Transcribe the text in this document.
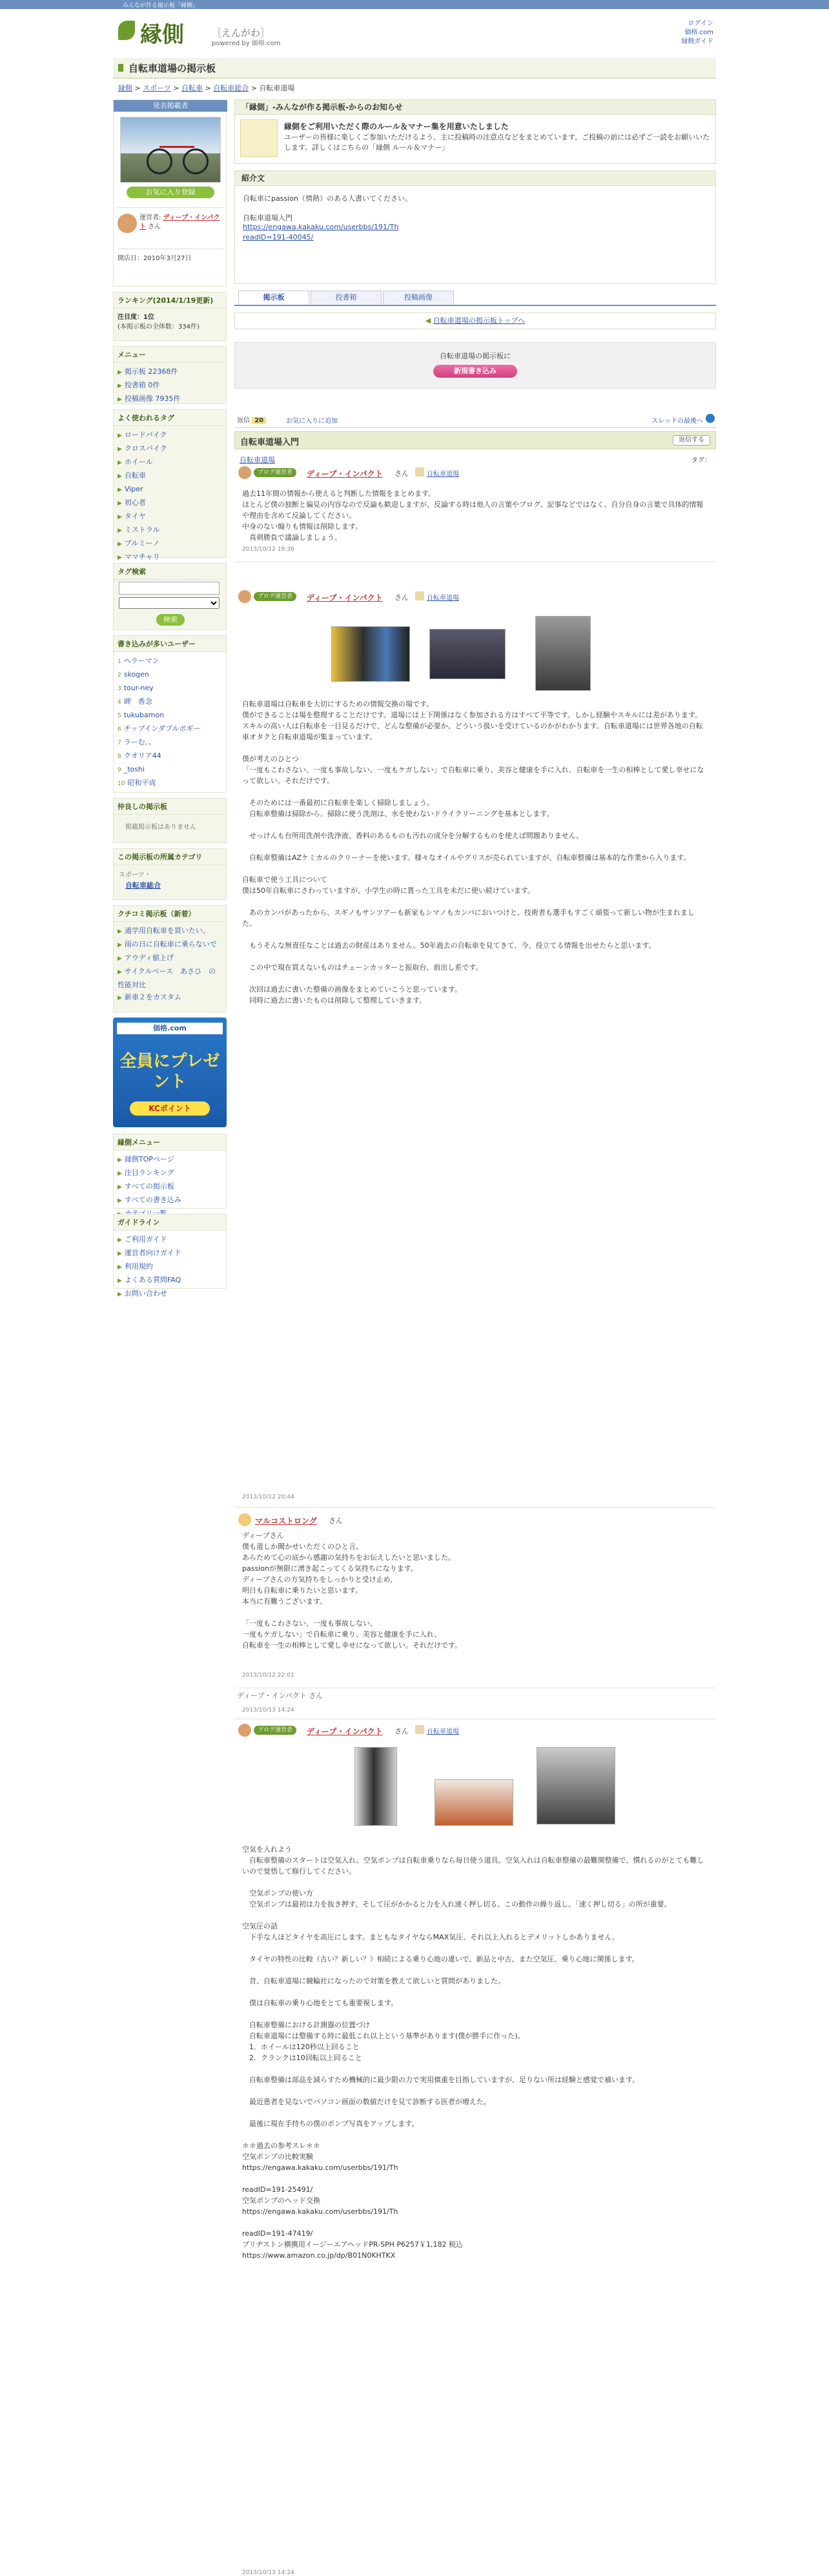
みんなが作る掲示板「縁側」
縁側	［えんがわ］
powered by 価格.com
ログイン
価格.com
縁側ガイド
自転車道場の掲示板
縁側 > スポーツ > 自転車 > 自転車総合 > 自転車道場
発表掲載者
お気に入り登録
運営者: ディープ・インパクト さん
開店日：2010年3月27日
ランキング(2014/1/19更新)
注目度：1位
(本掲示板の全体数：334件)
メニュー
▶ 掲示板 22368件
▶ 投書箱 0件
▶ 投稿画像 7935件
よく使われるタグ
▶ ロードバイク
▶ クロスバイク
▶ ホイール
▶ 自転車
▶ Viper
▶ 初心者
▶ タイヤ
▶ ミストラル
▶ ブルミーノ
▶ ママチャリ
タグ検索
検索
書き込みが多いユーザー
1 ヘラーマン
2 skogen
3 tour-ney
4 碑　香念
5 tukubamon
6 チップインダブルボギー
7 ラーむ。。
8 クオリア44
9 _toshi
10 昭和平成
仲良しの掲示板
掲載掲示板はありません
この掲示板の所属カテゴリ
スポーツ・
自転車総合
クチコミ掲示板（新着）
▶ 通学用自転車を買いたい。
▶ 雨の日に自転車に乗らないで
▶ アウディ値上げ
▶ サイクルベース　あさひ　の性能対比
▶ 新車２をカスタム
価格.com
全員にプレゼント
KCポイント
縁側メニュー
▶ 縁側TOPページ
▶ 注目ランキング
▶ すべての掲示板
▶ すべての書き込み
ガイドライン
▶ ご利用ガイド
▶ 運営者向けガイド
▶ 利用規約
▶ よくある質問FAQ
▶ お問い合わせ
「縁側」-みんなが作る掲示板-からのお知らせ
縁側をご利用いただく際のルール＆マナー集を用意いたしました
ユーザーの皆様に楽しくご参加いただけるよう、主に投稿時の注意点などをまとめています。ご投稿の前には必ずご一読をお願いいたします。詳しくはこちらの「縁側 ルール＆マナー」
紹介文
自転車にpassion（情熱）のある人書いてください。
自転車道場入門
https://engawa.kakaku.com/userbbs/191/Th
readID=191-40045/
掲示板	投書箱	投稿画像
◀ 自転車道場の掲示板トップへ
自転車道場の掲示板に
新規書き込み
返信 20	お気に入りに追加	スレッドの最後へ
自転車道場入門	返信する
自転車道場	タグ：
ブログ運営者	ディープ・インパクト さん	自転車道場
過去11年間の情報から使えると判断した情報をまとめます。
ほとんど僕の独断と偏見の内容なので反論も歓迎しますが、反論する時は他人の言葉やブログ、記事などではなく、自分自身の言葉で具体的情報や理由を含めて反論してください。
中身のない煽りも情報は削除します。
　真剣勝負で議論しましょう。
2013/10/12 19:36
ブログ運営者	ディープ・インパクト さん	自転車道場
自転車道場は自転車を大切にするための情報交換の場です。
僕ができることは場を整理することだけです。道場には上下関係はなく参加される方はすべて平等です。しかし経験やスキルには差があります。スキルの高い人は自転車を一目見るだけで、どんな整備が必要か、どういう扱いを受けているのかがわかります。自転車道場には世界各地の自転車オタクと自転車道場が集まっています。

僕が考えのひとつ
「一度もこわさない、一度も事故しない、一度もケガしない」で自転車に乗り、美容と健康を手に入れ、自転車を一生の相棒として愛し幸せになって欲しい。それだけです。

　そのためには一番最初に自転車を楽しく掃除しましょう。
　自転車整備は掃除から。掃除に使う洗剤は、水を使わないドライクリーニングを基本とします。

　せっけんも台所用洗剤や洗浄液、香料のあるものも汚れの成分を分解するものを使えば問題ありません。

　自転車整備はAZケミカルのクリーナーを使います。様々なオイルやグリスが売られていますが、自転車整備は基本的な作業から入ります。

自転車で使う工具について
僕は50年自転車にさわっていますが、小学生の時に貰った工具を未だに使い続けています。

　あのカンパがあったから、スギノもサンツアーも新家もシマノもカンパにおいつけと、技術者も選手もすごく頑張って新しい物が生まれました。

　もうそんな無責任なことは過去の財産はありません。50年過去の自転車を見てきて、今、役立てる情報を出せたらと思います。

　この中で現在買えないものはチェーンカッターと振取台、前出し系です。

　次回は過去に書いた整備の画像をまとめていこうと思っています。
　同時に過去に書いたものは削除して整理していきます。
2013/10/12 20:44
マルコストロング さん
ディープさん
僕も道しか聞かせいただくのひと言。
あらためて心の底から感謝の気持ちをお伝えしたいと思いました。
passionが無限に湧き起こってくる気持ちになります。
ディープさんの方気持ちをしっかりと受け止め、
明日も自転車に乗りたいと思います。
本当に有難うございます。

「一度もこわさない、一度も事故しない、
一度もケガしない」で自転車に乗り、美容と健康を手に入れ、
自転車を一生の相棒として愛し幸せになって欲しい。それだけです。
2013/10/12 22:01
ディープ・インパクト さん
2013/10/13 14:24
ブログ運営者	ディープ・インパクト さん	自転車道場
空気を入れよう
　自転車整備のスタートは空気入れ。空気ポンプは自転車乗りなら毎日使う道具。空気入れは自転車整備の最難関整備で、慣れるのがとても難しいので覚悟して修行してください。

　空気ポンプの使い方
　空気ポンプは最初は力を抜き押す、そして圧がかかると力を入れ速く押し切る。この動作の繰り返し。「速く押し切る」の所が重要。

空気圧の話
　下手な人ほどタイヤを高圧にします。まともなタイヤならMAX気圧、それ以上入れるとデメリットしかありません。

　タイヤの特性の比較（古い？新しい？）相続による乗り心地の違いで、新品と中古、また空気圧、乗り心地に関係します。

　昔、自転車道場に競輪社になったので対策を教えて欲しいと質問がありました。

　僕は自転車の乗り心地をとても重要視します。

　自転車整備における計測器の位置づけ
　自転車道場には整備する時に最低これ以上という基準があります(僕が勝手に作った)。
　1．ホイールは120秒以上回ること
　2．クランクは10回転以上回ること

　自転車整備は部品を減らすため機械的に最少限の力で実用慎重を目指していますが、足りない所は経験と感覚で補います。

　最近患者を見ないでパソコン画面の数値だけを見て診断する医者が増えた。

　最後に現在手持ちの僕のポンプ写真をアップします。

＊＊過去の参考スレ＊＊
空気ポンプの比較実験
https://engawa.kakaku.com/userbbs/191/Th

readID=191-25491/
空気ポンプのヘッド交換
https://engawa.kakaku.com/userbbs/191/Th

readID=191-47419/
ブリヂストン横携用イージーエアヘッドPR-SPH P6257￥1,182 税込
https://www.amazon.co.jp/dp/B01N0KHTKX
2013/10/13 14:24
